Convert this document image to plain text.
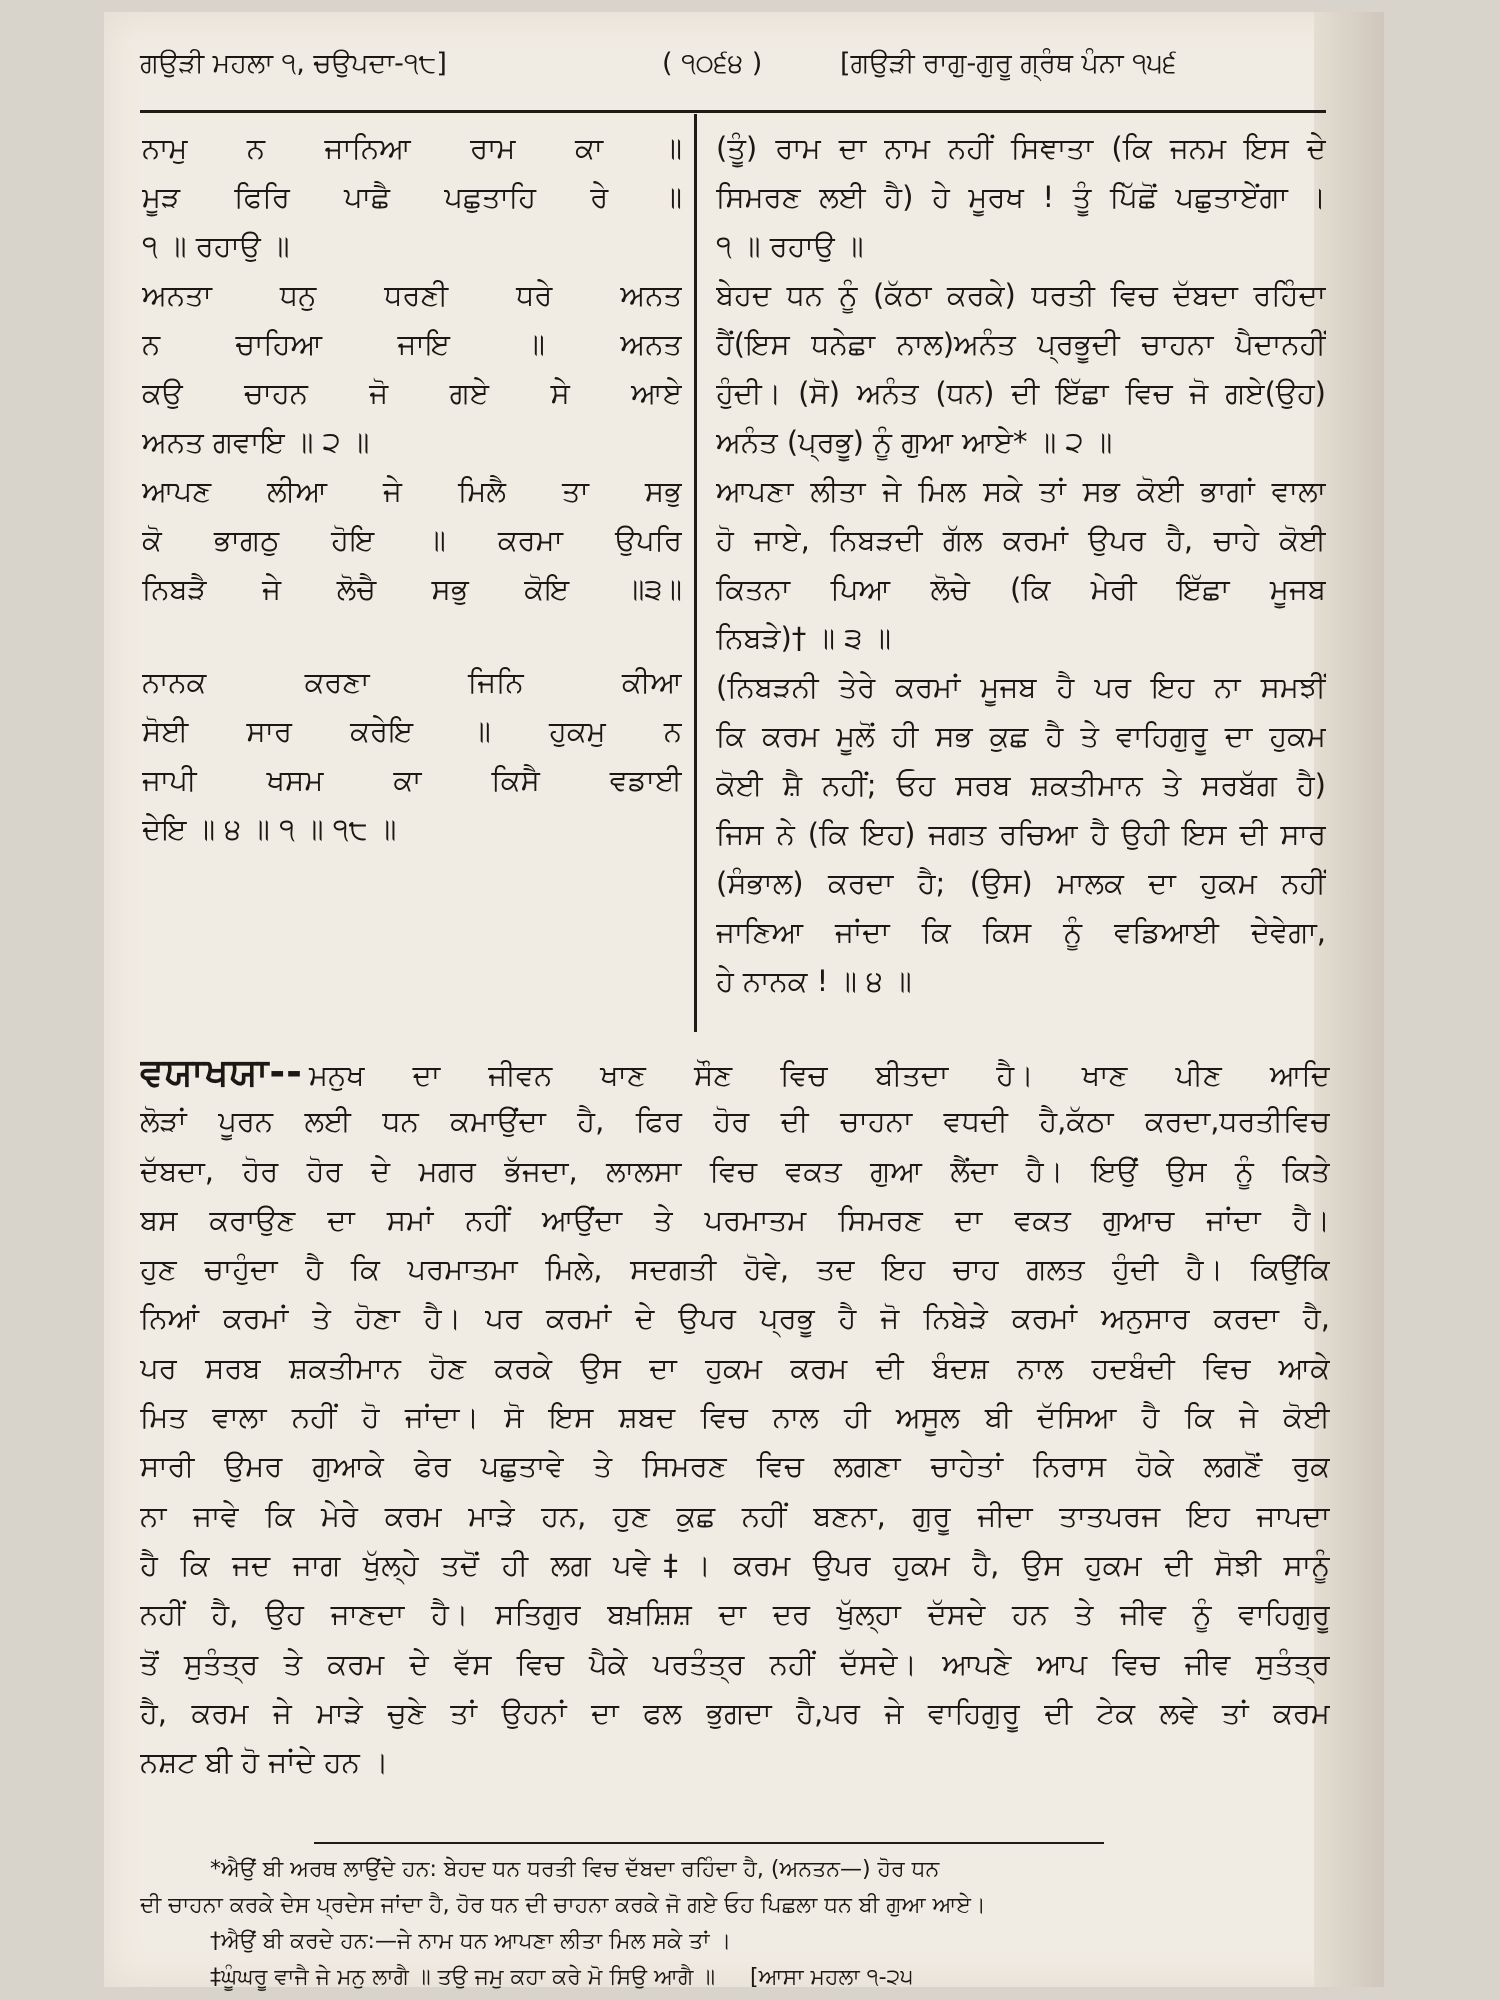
ਗਉੜੀ ਮਹਲਾ ੧, ਚਉਪਦਾ-੧੮]	( ੧੦੬੪ )	[ਗਉੜੀ ਰਾਗੁ-ਗੁਰੂ ਗ੍ਰੰਥ ਪੰਨਾ ੧੫੬
ਨਾਮੁ ਨ ਜਾਨਿਆ ਰਾਮ ਕਾ ॥
ਮੂੜ ਫਿਰਿ ਪਾਛੈ ਪਛੁਤਾਹਿ ਰੇ ॥
੧ ॥ ਰਹਾਉ ॥
ਅਨਤਾ ਧਨੁ ਧਰਣੀ ਧਰੇ ਅਨਤ
ਨ ਚਾਹਿਆ ਜਾਇ ॥ ਅਨਤ
ਕਉ ਚਾਹਨ ਜੋ ਗਏ ਸੇ ਆਏ
ਅਨਤ ਗਵਾਇ ॥ ੨ ॥
ਆਪਣ ਲੀਆ ਜੇ ਮਿਲੈ ਤਾ ਸਭੁ
ਕੋ ਭਾਗਠੁ ਹੋਇ ॥ ਕਰਮਾ ਉਪਰਿ
ਨਿਬੜੈ ਜੇ ਲੋਚੈ ਸਭੁ ਕੋਇ ॥੩॥
ਨਾਨਕ ਕਰਣਾ ਜਿਨਿ ਕੀਆ
ਸੋਈ ਸਾਰ ਕਰੇਇ ॥ ਹੁਕਮੁ ਨ
ਜਾਪੀ ਖਸਮ ਕਾ ਕਿਸੈ ਵਡਾਈ
ਦੇਇ ॥ ੪ ॥ ੧ ॥ ੧੮ ॥
(ਤੂੰ) ਰਾਮ ਦਾ ਨਾਮ ਨਹੀਂ ਸਿਞਾਤਾ (ਕਿ ਜਨਮ ਇਸ ਦੇ
ਸਿਮਰਣ ਲਈ ਹੈ) ਹੇ ਮੂਰਖ ! ਤੂੰ ਪਿੱਛੋਂ ਪਛੁਤਾਏਂਗਾ ।
੧ ॥ ਰਹਾਉ ॥
ਬੇਹਦ ਧਨ ਨੂੰ (ਕੱਠਾ ਕਰਕੇ) ਧਰਤੀ ਵਿਚ ਦੱਬਦਾ ਰਹਿੰਦਾ
ਹੈਂ(ਇਸ ਧਨੇਛਾ ਨਾਲ)ਅਨੰਤ ਪ੍ਰਭੂਦੀ ਚਾਹਨਾ ਪੈਦਾਨਹੀਂ
ਹੁੰਦੀ। (ਸੋ) ਅਨੰਤ (ਧਨ) ਦੀ ਇੱਛਾ ਵਿਚ ਜੋ ਗਏ(ਉਹ)
ਅਨੰਤ (ਪ੍ਰਭੂ) ਨੂੰ ਗੁਆ ਆਏ* ॥ ੨ ॥
ਆਪਣਾ ਲੀਤਾ ਜੇ ਮਿਲ ਸਕੇ ਤਾਂ ਸਭ ਕੋਈ ਭਾਗਾਂ ਵਾਲਾ
ਹੋ ਜਾਏ, ਨਿਬੜਦੀ ਗੱਲ ਕਰਮਾਂ ਉਪਰ ਹੈ, ਚਾਹੇ ਕੋਈ
ਕਿਤਨਾ ਪਿਆ ਲੋਚੇ (ਕਿ ਮੇਰੀ ਇੱਛਾ ਮੂਜਬ
ਨਿਬੜੇ)† ॥ ੩ ॥
(ਨਿਬੜਨੀ ਤੇਰੇ ਕਰਮਾਂ ਮੂਜਬ ਹੈ ਪਰ ਇਹ ਨਾ ਸਮਝੀਂ
ਕਿ ਕਰਮ ਮੂਲੋਂ ਹੀ ਸਭ ਕੁਛ ਹੈ ਤੇ ਵਾਹਿਗੁਰੂ ਦਾ ਹੁਕਮ
ਕੋਈ ਸ਼ੈ ਨਹੀਂ; ਓਹ ਸਰਬ ਸ਼ਕਤੀਮਾਨ ਤੇ ਸਰਬੱਗ ਹੈ)
ਜਿਸ ਨੇ (ਕਿ ਇਹ) ਜਗਤ ਰਚਿਆ ਹੈ ਉਹੀ ਇਸ ਦੀ ਸਾਰ
(ਸੰਭਾਲ) ਕਰਦਾ ਹੈ; (ਉਸ) ਮਾਲਕ ਦਾ ਹੁਕਮ ਨਹੀਂ
ਜਾਣਿਆ ਜਾਂਦਾ ਕਿ ਕਿਸ ਨੂੰ ਵਡਿਆਈ ਦੇਵੇਗਾ,
ਹੇ ਨਾਨਕ ! ॥ ੪ ॥
ਵਯਾਖਯਾ-- ਮਨੁਖ ਦਾ ਜੀਵਨ ਖਾਣ ਸੌਣ ਵਿਚ ਬੀਤਦਾ ਹੈ। ਖਾਣ ਪੀਣ ਆਦਿ
ਲੋੜਾਂ ਪੂਰਨ ਲਈ ਧਨ ਕਮਾਉਂਦਾ ਹੈ, ਫਿਰ ਹੋਰ ਦੀ ਚਾਹਨਾ ਵਧਦੀ ਹੈ,ਕੱਠਾ ਕਰਦਾ,ਧਰਤੀਵਿਚ
ਦੱਬਦਾ, ਹੋਰ ਹੋਰ ਦੇ ਮਗਰ ਭੱਜਦਾ, ਲਾਲਸਾ ਵਿਚ ਵਕਤ ਗੁਆ ਲੈਂਦਾ ਹੈ। ਇਉਂ ਉਸ ਨੂੰ ਕਿਤੇ
ਬਸ ਕਰਾਉਣ ਦਾ ਸਮਾਂ ਨਹੀਂ ਆਉਂਦਾ ਤੇ ਪਰਮਾਤਮ ਸਿਮਰਣ ਦਾ ਵਕਤ ਗੁਆਚ ਜਾਂਦਾ ਹੈ।
ਹੁਣ ਚਾਹੁੰਦਾ ਹੈ ਕਿ ਪਰਮਾਤਮਾ ਮਿਲੇ, ਸਦਗਤੀ ਹੋਵੇ, ਤਦ ਇਹ ਚਾਹ ਗਲਤ ਹੁੰਦੀ ਹੈ। ਕਿਉਂਕਿ
ਨਿਆਂ ਕਰਮਾਂ ਤੇ ਹੋਣਾ ਹੈ। ਪਰ ਕਰਮਾਂ ਦੇ ਉਪਰ ਪ੍ਰਭੂ ਹੈ ਜੋ ਨਿਬੇੜੇ ਕਰਮਾਂ ਅਨੁਸਾਰ ਕਰਦਾ ਹੈ,
ਪਰ ਸਰਬ ਸ਼ਕਤੀਮਾਨ ਹੋਣ ਕਰਕੇ ਉਸ ਦਾ ਹੁਕਮ ਕਰਮ ਦੀ ਬੰਦਸ਼ ਨਾਲ ਹਦਬੰਦੀ ਵਿਚ ਆਕੇ
ਮਿਤ ਵਾਲਾ ਨਹੀਂ ਹੋ ਜਾਂਦਾ। ਸੋ ਇਸ ਸ਼ਬਦ ਵਿਚ ਨਾਲ ਹੀ ਅਸੂਲ ਬੀ ਦੱਸਿਆ ਹੈ ਕਿ ਜੇ ਕੋਈ
ਸਾਰੀ ਉਮਰ ਗੁਆਕੇ ਫੇਰ ਪਛੁਤਾਵੇ ਤੇ ਸਿਮਰਣ ਵਿਚ ਲਗਣਾ ਚਾਹੇਤਾਂ ਨਿਰਾਸ ਹੋਕੇ ਲਗਣੋਂ ਰੁਕ
ਨਾ ਜਾਵੇ ਕਿ ਮੇਰੇ ਕਰਮ ਮਾੜੇ ਹਨ, ਹੁਣ ਕੁਛ ਨਹੀਂ ਬਣਨਾ, ਗੁਰੂ ਜੀਦਾ ਤਾਤਪਰਜ ਇਹ ਜਾਪਦਾ
ਹੈ ਕਿ ਜਦ ਜਾਗ ਖੁੱਲ੍ਹੇ ਤਦੋਂ ਹੀ ਲਗ ਪਵੇ‡। ਕਰਮ ਉਪਰ ਹੁਕਮ ਹੈ, ਉਸ ਹੁਕਮ ਦੀ ਸੋਝੀ ਸਾਨੂੰ
ਨਹੀਂ ਹੈ, ਉਹ ਜਾਣਦਾ ਹੈ। ਸਤਿਗੁਰ ਬਖ਼ਸ਼ਿਸ਼ ਦਾ ਦਰ ਖੁੱਲ੍ਹਾ ਦੱਸਦੇ ਹਨ ਤੇ ਜੀਵ ਨੂੰ ਵਾਹਿਗੁਰੂ
ਤੋਂ ਸੁਤੰਤ੍ਰ ਤੇ ਕਰਮ ਦੇ ਵੱਸ ਵਿਚ ਪੈਕੇ ਪਰਤੰਤ੍ਰ ਨਹੀਂ ਦੱਸਦੇ। ਆਪਣੇ ਆਪ ਵਿਚ ਜੀਵ ਸੁਤੰਤ੍ਰ
ਹੈ, ਕਰਮ ਜੇ ਮਾੜੇ ਚੁਣੇ ਤਾਂ ਉਹਨਾਂ ਦਾ ਫਲ ਭੁਗਦਾ ਹੈ,ਪਰ ਜੇ ਵਾਹਿਗੁਰੂ ਦੀ ਟੇਕ ਲਵੇ ਤਾਂ ਕਰਮ
ਨਸ਼ਟ ਬੀ ਹੋ ਜਾਂਦੇ ਹਨ ।
*ਐਉਂ ਬੀ ਅਰਥ ਲਾਉਂਦੇ ਹਨ: ਬੇਹਦ ਧਨ ਧਰਤੀ ਵਿਚ ਦੱਬਦਾ ਰਹਿੰਦਾ ਹੈ, (ਅਨਤਨ—) ਹੋਰ ਧਨ
ਦੀ ਚਾਹਨਾ ਕਰਕੇ ਦੇਸ ਪ੍ਰਦੇਸ ਜਾਂਦਾ ਹੈ, ਹੋਰ ਧਨ ਦੀ ਚਾਹਨਾ ਕਰਕੇ ਜੋ ਗਏ ਓਹ ਪਿਛਲਾ ਧਨ ਬੀ ਗੁਆ ਆਏ।
†ਐਉਂ ਬੀ ਕਰਦੇ ਹਨ:—ਜੇ ਨਾਮ ਧਨ ਆਪਣਾ ਲੀਤਾ ਮਿਲ ਸਕੇ ਤਾਂ ।
‡ਘੂੰਘਰੂ ਵਾਜੈ ਜੇ ਮਨੁ ਲਾਗੈ ॥ ਤਉ ਜਮੁ ਕਹਾ ਕਰੇ ਮੋ ਸਿਉ ਆਗੈ ॥     [ਆਸਾ ਮਹਲਾ ੧-੨੫
